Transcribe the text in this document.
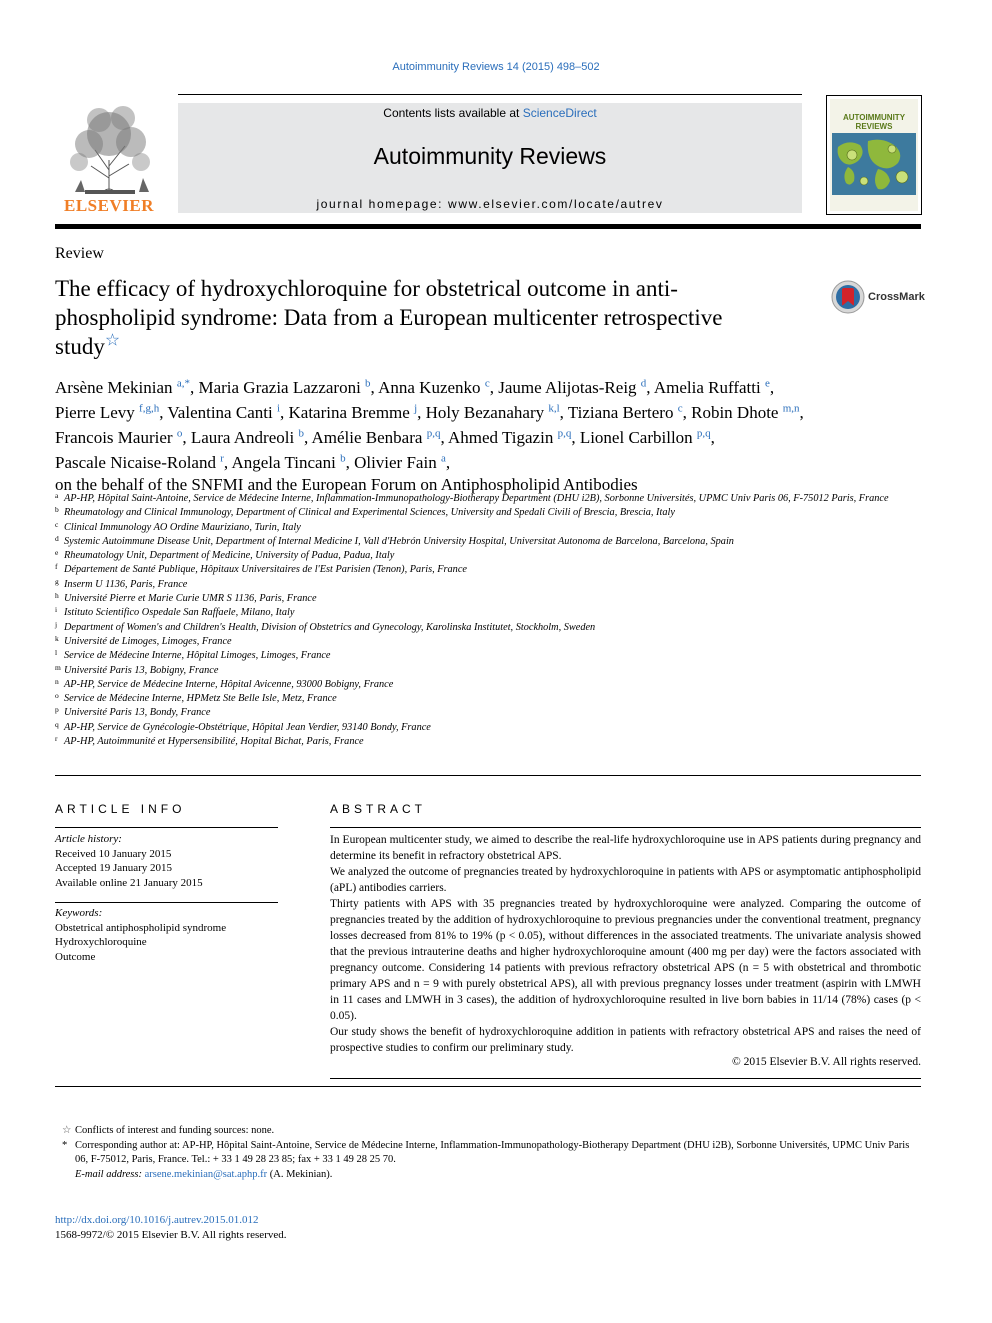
Autoimmunity Reviews 14 (2015) 498–502
ELSEVIER
Contents lists available at ScienceDirect
Autoimmunity Reviews
journal homepage: www.elsevier.com/locate/autrev
AUTOIMMUNITY
REVIEWS
Review
The efficacy of hydroxychloroquine for obstetrical outcome in anti-phospholipid syndrome: Data from a European multicenter retrospective study☆
CrossMark
Arsène Mekinian $^{a,*}$, Maria Grazia Lazzaroni $^b$, Anna Kuzenko $^c$, Jaume Alijotas-Reig $^d$, Amelia Ruffatti $^e$,
Pierre Levy $^{f,g,h}$, Valentina Canti $^i$, Katarina Bremme $^j$, Holy Bezanahary $^{k,l}$, Tiziana Bertero $^c$, Robin Dhote $^{m,n}$,
Francois Maurier $^o$, Laura Andreoli $^b$, Amélie Benbara $^{p,q}$, Ahmed Tigazin $^{p,q}$, Lionel Carbillon $^{p,q}$,
Pascale Nicaise-Roland $^r$, Angela Tincani $^b$, Olivier Fain $^a$,
on the behalf of the SNFMI and the European Forum on Antiphospholipid Antibodies
a AP-HP, Hôpital Saint-Antoine, Service de Médecine Interne, Inflammation-Immunopathology-Biotherapy Department (DHU i2B), Sorbonne Universités, UPMC Univ Paris 06, F-75012 Paris, France
b Rheumatology and Clinical Immunology, Department of Clinical and Experimental Sciences, University and Spedali Civili of Brescia, Brescia, Italy
c Clinical Immunology AO Ordine Mauriziano, Turin, Italy
d Systemic Autoimmune Disease Unit, Department of Internal Medicine I, Vall d'Hebrón University Hospital, Universitat Autonoma de Barcelona, Barcelona, Spain
e Rheumatology Unit, Department of Medicine, University of Padua, Padua, Italy
f Département de Santé Publique, Hôpitaux Universitaires de l'Est Parisien (Tenon), Paris, France
g Inserm U 1136, Paris, France
h Université Pierre et Marie Curie UMR S 1136, Paris, France
i Istituto Scientifico Ospedale San Raffaele, Milano, Italy
j Department of Women's and Children's Health, Division of Obstetrics and Gynecology, Karolinska Institutet, Stockholm, Sweden
k Université de Limoges, Limoges, France
l Service de Médecine Interne, Hôpital Limoges, Limoges, France
m Université Paris 13, Bobigny, France
n AP-HP, Service de Médecine Interne, Hôpital Avicenne, 93000 Bobigny, France
o Service de Médecine Interne, HPMetz Ste Belle Isle, Metz, France
p Université Paris 13, Bondy, France
q AP-HP, Service de Gynécologie-Obstétrique, Hôpital Jean Verdier, 93140 Bondy, France
r AP-HP, Autoimmunité et Hypersensibilité, Hopital Bichat, Paris, France
ARTICLE INFO	ABSTRACT
Article history:
Received 10 January 2015
Accepted 19 January 2015
Available online 21 January 2015
Keywords:
Obstetrical antiphospholipid syndrome
Hydroxychloroquine
Outcome

In European multicenter study, we aimed to describe the real-life hydroxychloroquine use in APS patients during pregnancy and determine its benefit in refractory obstetrical APS.

We analyzed the outcome of pregnancies treated by hydroxychloroquine in patients with APS or asymptomatic antiphospholipid (aPL) antibodies carriers.

Thirty patients with APS with 35 pregnancies treated by hydroxychloroquine were analyzed. Comparing the outcome of pregnancies treated by the addition of hydroxychloroquine to previous pregnancies under the conventional treatment, pregnancy losses decreased from 81% to 19% (p < 0.05), without differences in the associated treatments. The univariate analysis showed that the previous intrauterine deaths and higher hydroxychloroquine amount (400 mg per day) were the factors associated with pregnancy outcome. Considering 14 patients with previous refractory obstetrical APS (n = 5 with obstetrical and thrombotic primary APS and n = 9 with purely obstetrical APS), all with previous pregnancy losses under treatment (aspirin with LMWH in 11 cases and LMWH in 3 cases), the addition of hydroxychloroquine resulted in live born babies in 11/14 (78%) cases (p < 0.05).

Our study shows the benefit of hydroxychloroquine addition in patients with refractory obstetrical APS and raises the need of prospective studies to confirm our preliminary study.

© 2015 Elsevier B.V. All rights reserved.
☆ Conflicts of interest and funding sources: none.
* Corresponding author at: AP-HP, Hôpital Saint-Antoine, Service de Médecine Interne, Inflammation-Immunopathology-Biotherapy Department (DHU i2B), Sorbonne Universités, UPMC Univ Paris 06, F-75012, Paris, France. Tel.: + 33 1 49 28 23 85; fax + 33 1 49 28 25 70.
E-mail address: arsene.mekinian@sat.aphp.fr (A. Mekinian).
http://dx.doi.org/10.1016/j.autrev.2015.01.012
1568-9972/© 2015 Elsevier B.V. All rights reserved.
